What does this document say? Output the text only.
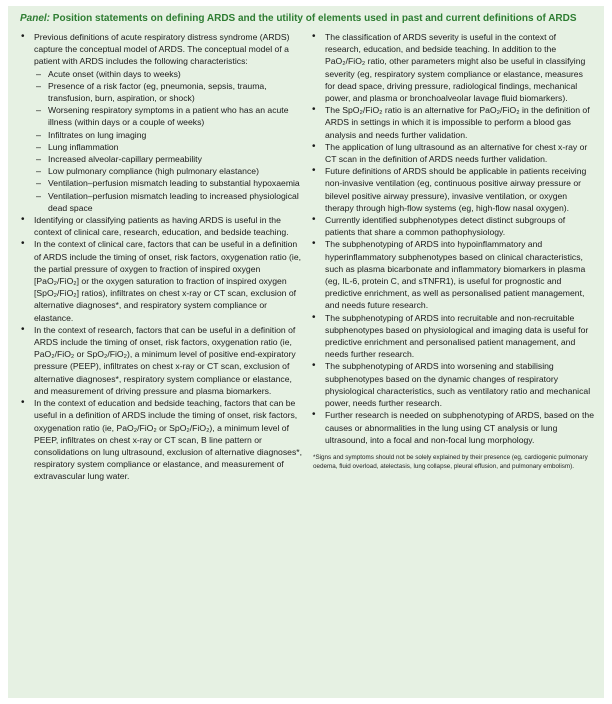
Panel: Position statements on defining ARDS and the utility of elements used in past and current definitions of ARDS
• Previous definitions of acute respiratory distress syndrome (ARDS) capture the conceptual model of ARDS. The conceptual model of a patient with ARDS includes the following characteristics:
– Acute onset (within days to weeks)
– Presence of a risk factor (eg, pneumonia, sepsis, trauma, transfusion, burn, aspiration, or shock)
– Worsening respiratory symptoms in a patient who has an acute illness (within days or a couple of weeks)
– Infiltrates on lung imaging
– Lung inflammation
– Increased alveolar-capillary permeability
– Low pulmonary compliance (high pulmonary elastance)
– Ventilation–perfusion mismatch leading to substantial hypoxaemia
– Ventilation–perfusion mismatch leading to increased physiological dead space
• Identifying or classifying patients as having ARDS is useful in the context of clinical care, research, education, and bedside teaching.
• In the context of clinical care, factors that can be useful in a definition of ARDS include the timing of onset, risk factors, oxygenation ratio (ie, the partial pressure of oxygen to fraction of inspired oxygen [PaO₂/FiO₂] or the oxygen saturation to fraction of inspired oxygen [SpO₂/FiO₂] ratios), infiltrates on chest x-ray or CT scan, exclusion of alternative diagnoses*, and respiratory system compliance or elastance.
• In the context of research, factors that can be useful in a definition of ARDS include the timing of onset, risk factors, oxygenation ratio (ie, PaO₂/FiO₂ or SpO₂/FiO₂), a minimum level of positive end-expiratory pressure (PEEP), infiltrates on chest x-ray or CT scan, exclusion of alternative diagnoses*, respiratory system compliance or elastance, and measurement of driving pressure and plasma biomarkers.
• In the context of education and bedside teaching, factors that can be useful in a definition of ARDS include the timing of onset, risk factors, oxygenation ratio (ie, PaO₂/FiO₂ or SpO₂/FiO₂), a minimum level of PEEP, infiltrates on chest x-ray or CT scan, B line pattern or consolidations on lung ultrasound, exclusion of alternative diagnoses*, respiratory system compliance or elastance, and measurement of extravascular lung water.
• The classification of ARDS severity is useful in the context of research, education, and bedside teaching. In addition to the PaO₂/FiO₂ ratio, other parameters might also be useful in classifying severity (eg, respiratory system compliance or elastance, measures for dead space, driving pressure, radiological findings, mechanical power, and plasma or bronchoalveolar lavage fluid biomarkers).
• The SpO₂/FiO₂ ratio is an alternative for PaO₂/FiO₂ in the definition of ARDS in settings in which it is impossible to perform a blood gas analysis and needs further validation.
• The application of lung ultrasound as an alternative for chest x-ray or CT scan in the definition of ARDS needs further validation.
• Future definitions of ARDS should be applicable in patients receiving non-invasive ventilation (eg, continuous positive airway pressure or bilevel positive airway pressure), invasive ventilation, or oxygen therapy through high-flow systems (eg, high-flow nasal oxygen).
• Currently identified subphenotypes detect distinct subgroups of patients that share a common pathophysiology.
• The subphenotyping of ARDS into hypoinflammatory and hyperinflammatory subphenotypes based on clinical characteristics, such as plasma bicarbonate and inflammatory biomarkers in plasma (eg, IL-6, protein C, and sTNFR1), is useful for prognostic and predictive enrichment, as well as personalised patient management, and needs future research.
• The subphenotyping of ARDS into recruitable and non-recruitable subphenotypes based on physiological and imaging data is useful for predictive enrichment and personalised patient management, and needs further research.
• The subphenotyping of ARDS into worsening and stabilising subphenotypes based on the dynamic changes of respiratory physiological characteristics, such as ventilatory ratio and mechanical power, needs further research.
• Further research is needed on subphenotyping of ARDS, based on the causes or abnormalities in the lung using CT analysis or lung ultrasound, into a focal and non-focal lung morphology.
*Signs and symptoms should not be solely explained by their presence (eg, cardiogenic pulmonary oedema, fluid overload, atelectasis, lung collapse, pleural effusion, and pulmonary embolism).
